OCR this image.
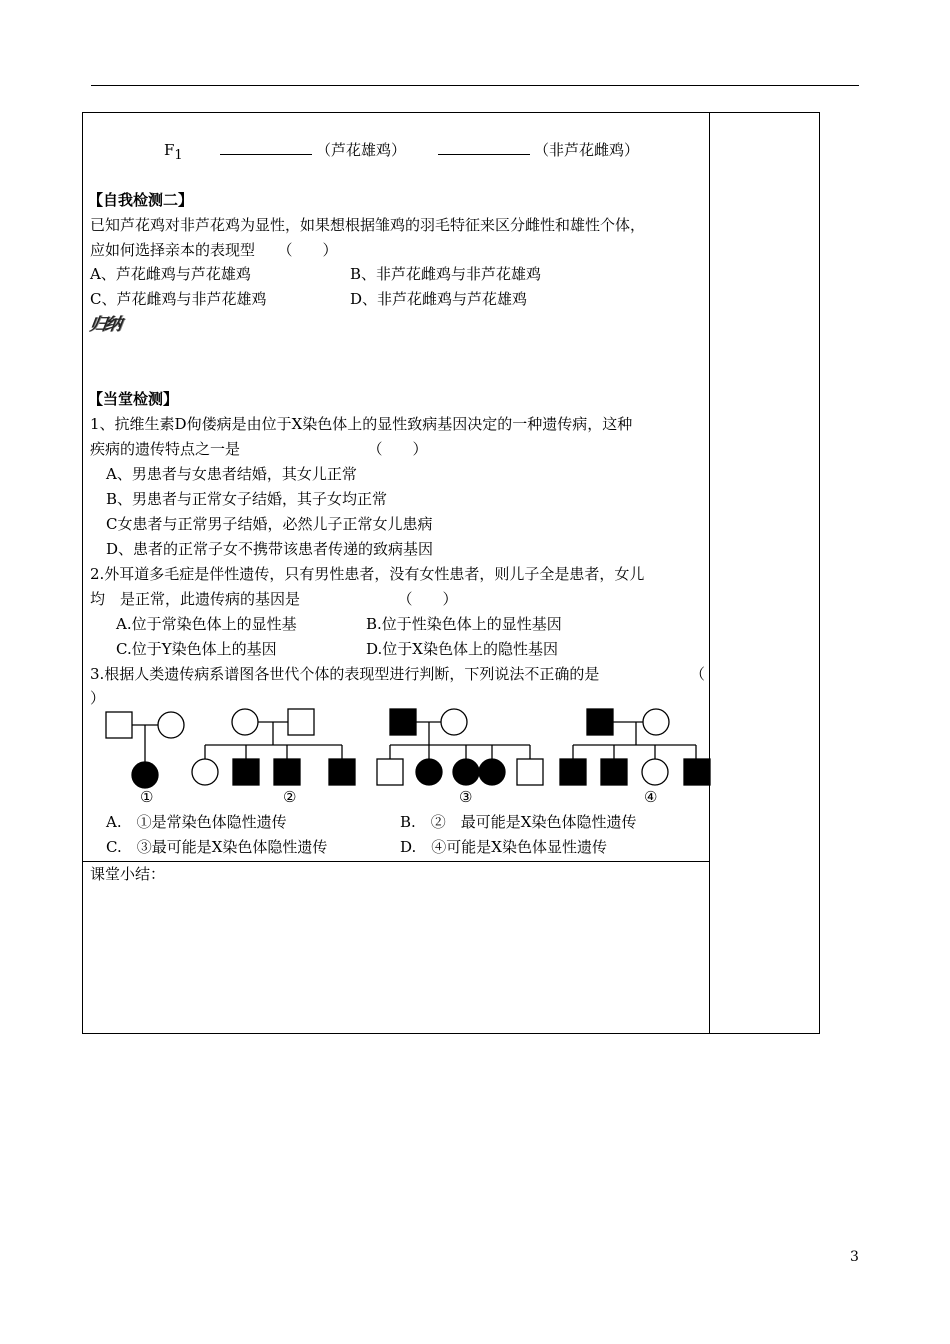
$F_1$	（芦花雄鸡）	（非芦花雌鸡）
【自我检测二】
已知芦花鸡对非芦花鸡为显性，如果想根据雏鸡的羽毛特征来区分雌性和雄性个体，
应如何选择亲本的表现型　　（　　）
A、芦花雌鸡与芦花雄鸡	B、非芦花雌鸡与非芦花雄鸡
C、芦花雌鸡与非芦花雄鸡	D、非芦花雌鸡与芦花雄鸡
归纳
【当堂检测】
1、抗维生素D佝偻病是由位于X染色体上的显性致病基因决定的一种遗传病，这种
疾病的遗传特点之一是　　　　　　　　　（　　）
A、男患者与女患者结婚，其女儿正常
B、男患者与正常女子结婚，其子女均正常
C女患者与正常男子结婚，必然儿子正常女儿患病
D、患者的正常子女不携带该患者传递的致病基因
2.外耳道多毛症是伴性遗传，只有男性患者，没有女性患者，则儿子全是患者，女儿
均　是正常，此遗传病的基因是　　　　　　　（　　）
A.位于常染色体上的显性基	B.位于性染色体上的显性基因
C.位于Y染色体上的基因	D.位于X染色体上的隐性基因
3.根据人类遗传病系谱图各世代个体的表现型进行判断，下列说法不正确的是	（
）
①	②	③	④
A.　①是常染色体隐性遗传	B.　②　最可能是X染色体隐性遗传
C.　③最可能是X染色体隐性遗传	D.　④可能是X染色体显性遗传
课堂小结：
3
